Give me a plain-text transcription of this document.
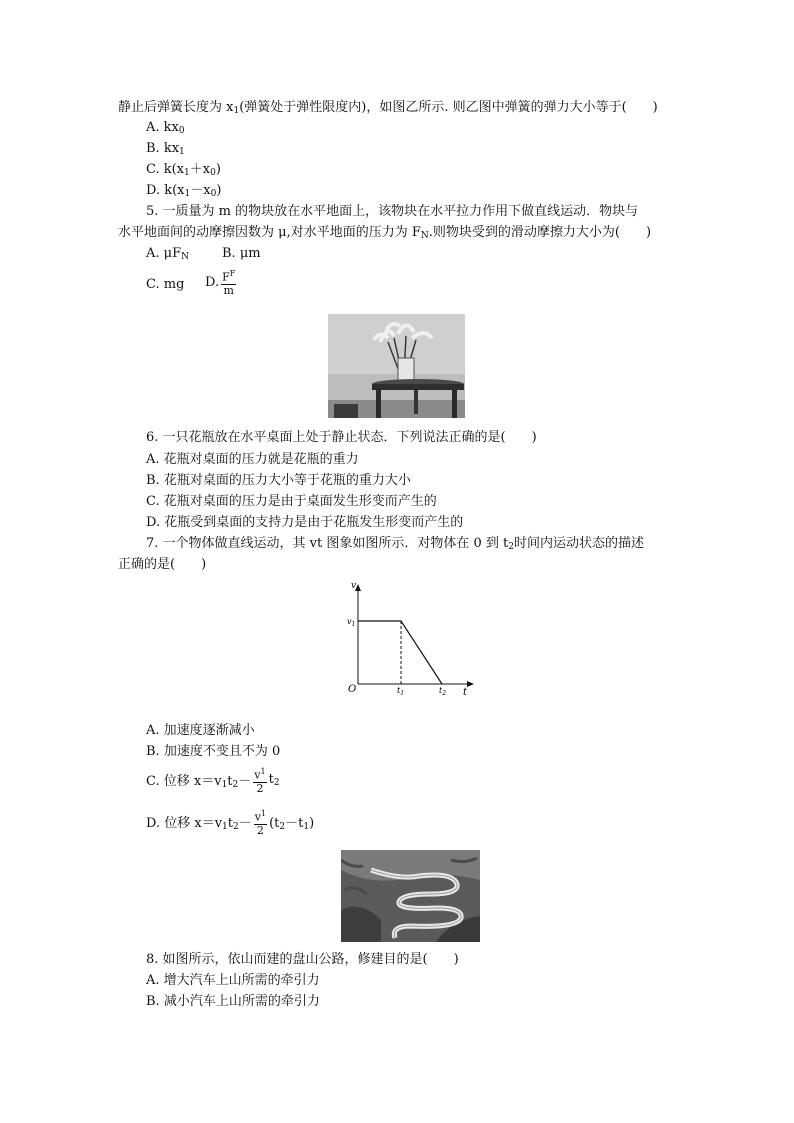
静止后弹簧长度为 $x_1$(弹簧处于弹性限度内)，如图乙所示. 则乙图中弹簧的弹力大小等于(　　)
A. $kx_0$
B. $kx_1$
C. $k(x_1+x_0)$
D. $k(x_1-x_0)$
5. 一质量为 m 的物块放在水平地面上，该物块在水平拉力作用下做直线运动．物块与
水平地面间的动摩擦因数为 μ,对水平地面的压力为 $F_N$.则物块受到的滑动摩擦力大小为(　　)
A. $\mu F_N$	B. μm
C. mg D. $\frac{F^F}{m}$
6. 一只花瓶放在水平桌面上处于静止状态．下列说法正确的是(　　)
A. 花瓶对桌面的压力就是花瓶的重力
B. 花瓶对桌面的压力大小等于花瓶的重力大小
C. 花瓶对桌面的压力是由于桌面发生形变而产生的
D. 花瓶受到桌面的支持力是由于花瓶发生形变而产生的
7. 一个物体做直线运动，其 vt 图象如图所示．对物体在 0 到 $t_2$时间内运动状态的描述
正确的是(　　)
v
t
O
$v_1$
$t_1$	$t_2$
A. 加速度逐渐减小
B. 加速度不变且不为 0
C. 位移 $x=v_1t_2- \frac{v^1}{2} t_2$
D. 位移 $x=v_1t_2- \frac{v^1}{2} (t_2-t_1)$
8. 如图所示，依山而建的盘山公路，修建目的是(　　)
A. 增大汽车上山所需的牵引力
B. 减小汽车上山所需的牵引力
